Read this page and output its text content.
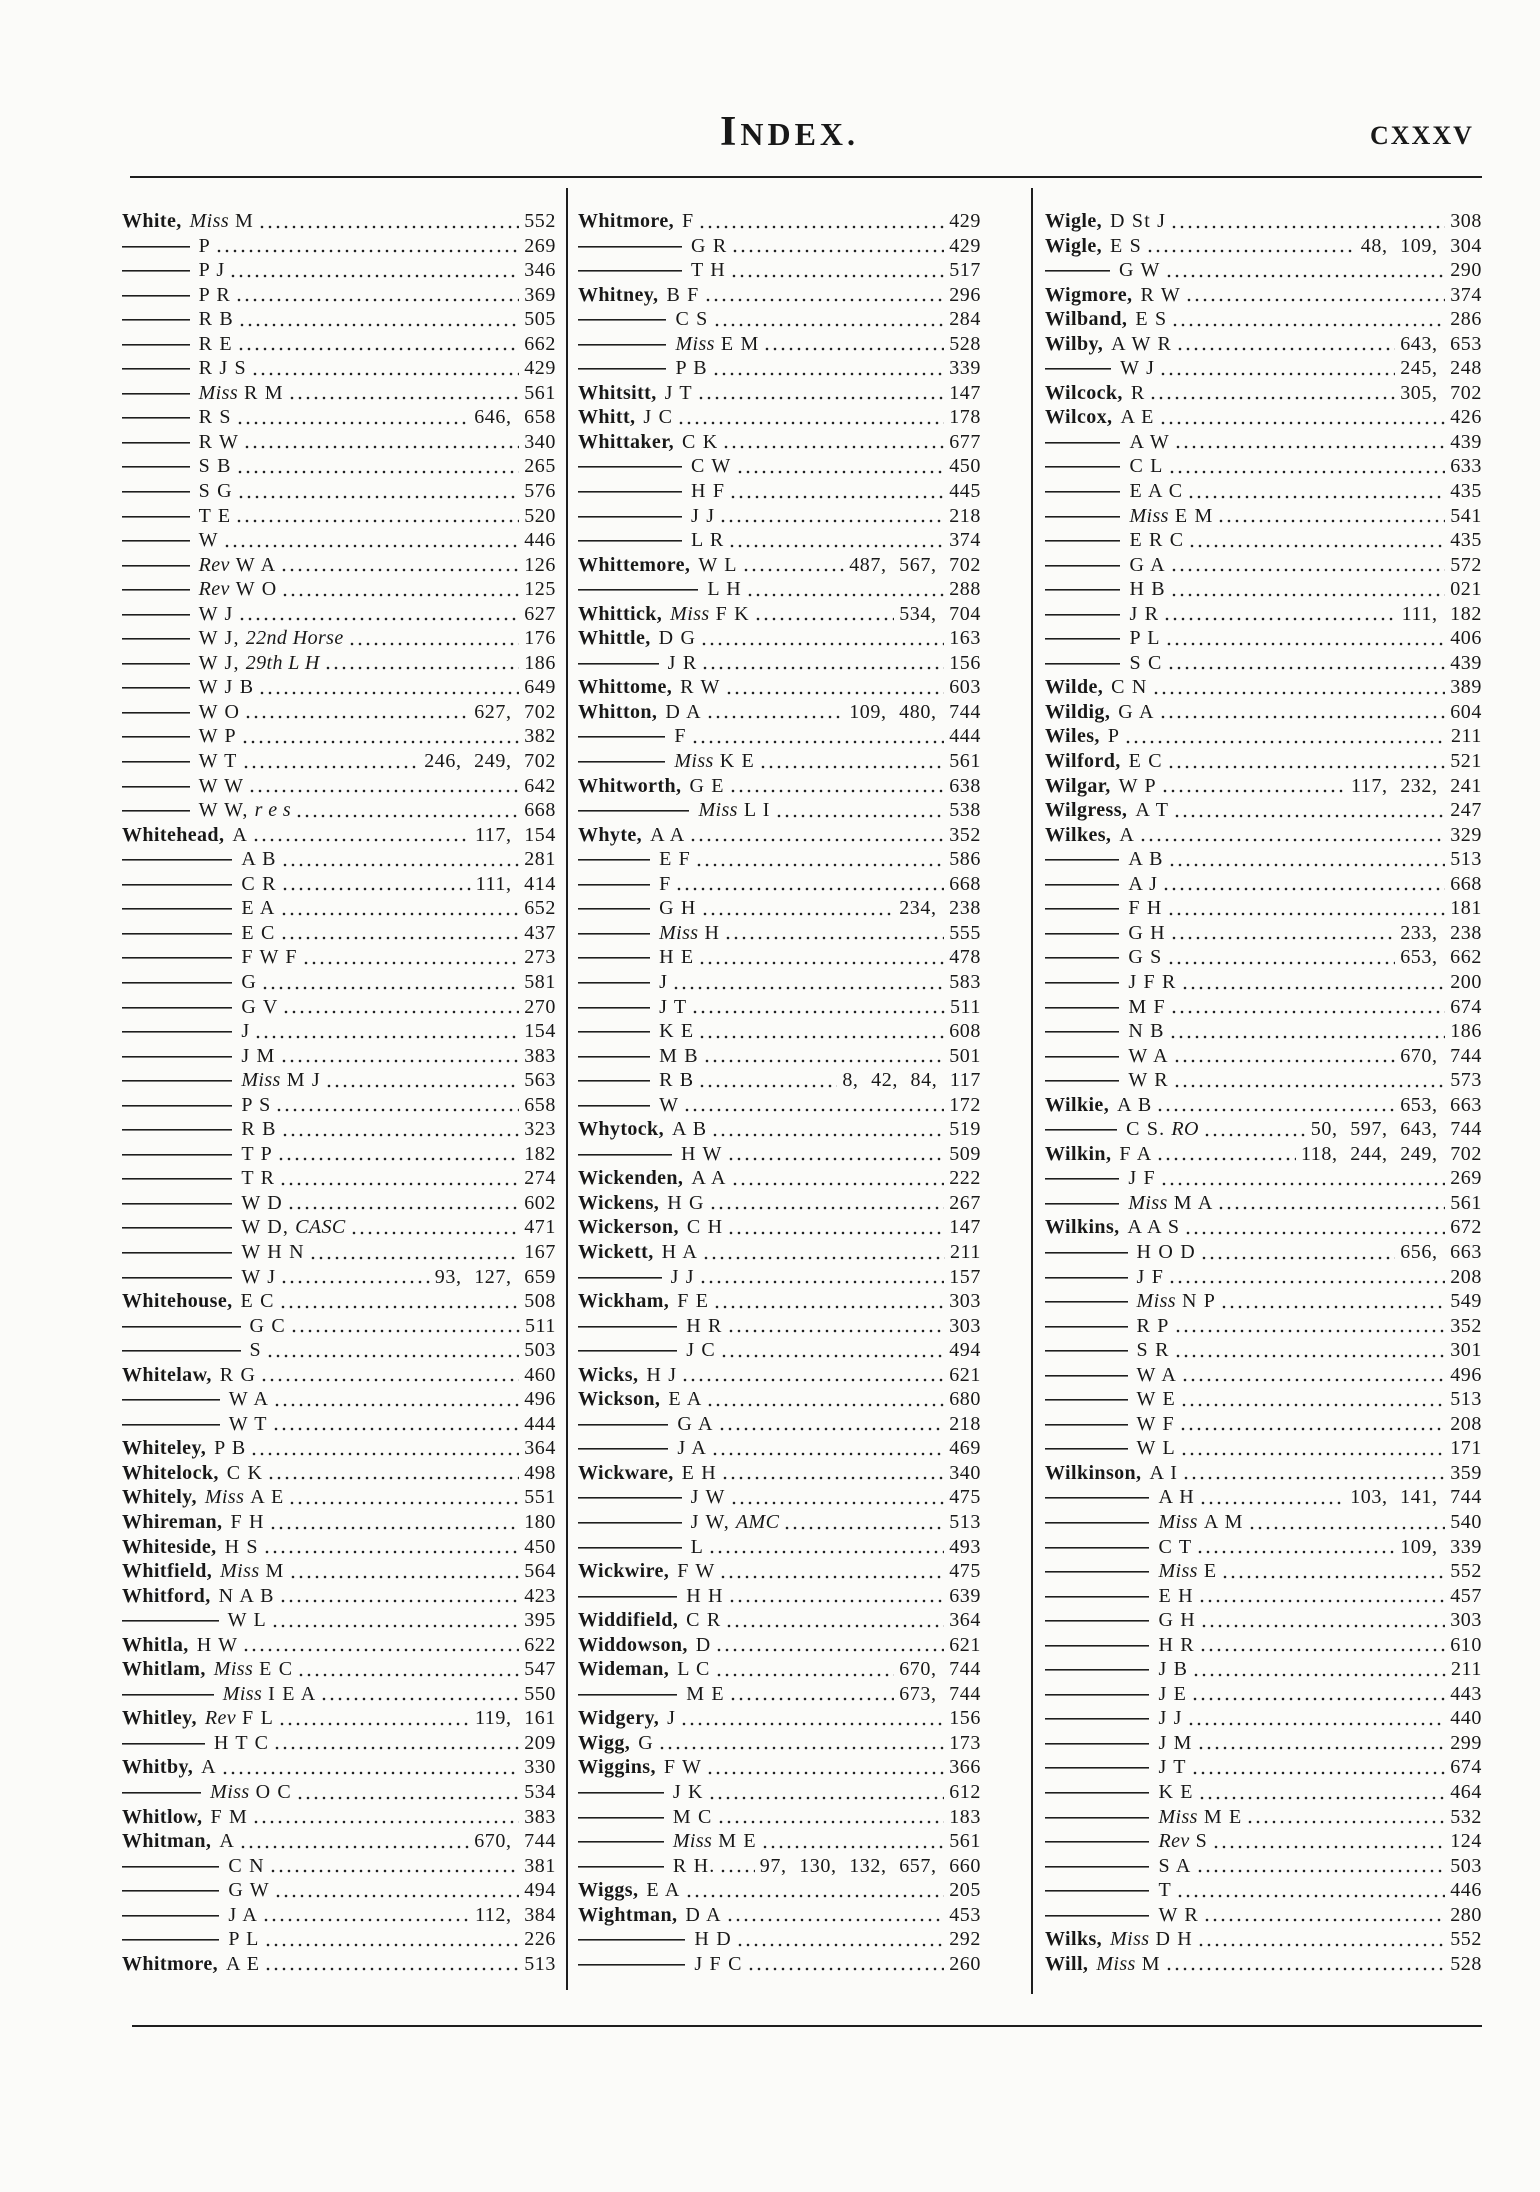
INDEX.	CXXXV
White, Miss M	552
P	269
P J	346
P R	369
R B	505
R E	662
R J S	429
Miss R M	561
R S	646, 658
R W	340
S B	265
S G	576
T E	520
W	446
Rev W A	126
Rev W O	125
W J	627
W J, 22nd Horse	176
W J, 29th L H	186
W J B	649
W O	627, 702
W P	382
W T	246, 249, 702
W W	642
W W, r e s	668
Whitehead, A	117, 154
A B	281
C R	111, 414
E A	652
E C	437
F W F	273
G	581
G V	270
J	154
J M	383
Miss M J	563
P S	658
R B	323
T P	182
T R	274
W D	602
W D, CASC	471
W H N	167
W J	93, 127, 659
Whitehouse, E C	508
G C	511
S	503
Whitelaw, R G	460
W A	496
W T	444
Whiteley, P B	364
Whitelock, C K	498
Whitely, Miss A E	551
Whireman, F H	180
Whiteside, H S	450
Whitfield, Miss M	564
Whitford, N A B	423
W L	395
Whitla, H W	622
Whitlam, Miss E C	547
Miss I E A	550
Whitley, Rev F L	119, 161
H T C	209
Whitby, A	330
Miss O C	534
Whitlow, F M	383
Whitman, A	670, 744
C N	381
G W	494
J A	112, 384
P L	226
Whitmore, A E	513
Whitmore, F	429
G R	429
T H	517
Whitney, B F	296
C S	284
Miss E M	528
P B	339
Whitsitt, J T	147
Whitt, J C	178
Whittaker, C K	677
C W	450
H F	445
J J	218
L R	374
Whittemore, W L	487, 567, 702
L H	288
Whittick, Miss F K	534, 704
Whittle, D G	163
J R	156
Whittome, R W	603
Whitton, D A	109, 480, 744
F	444
Miss K E	561
Whitworth, G E	638
Miss L I	538
Whyte, A A	352
E F	586
F	668
G H	234, 238
Miss H	555
H E	478
J	583
J T	511
K E	608
M B	501
R B	8, 42, 84, 117
W	172
Whytock, A B	519
H W	509
Wickenden, A A	222
Wickens, H G	267
Wickerson, C H	147
Wickett, H A	211
J J	157
Wickham, F E	303
H R	303
J C	494
Wicks, H J	621
Wickson, E A	680
G A	218
J A	469
Wickware, E H	340
J W	475
J W, AMC	513
L	493
Wickwire, F W	475
H H	639
Widdifield, C R	364
Widdowson, D	621
Wideman, L C	670, 744
M E	673, 744
Widgery, J	156
Wigg, G	173
Wiggins, F W	366
J K	612
M C	183
Miss M E	561
R H. 97, 130, 132, 657, 660
Wiggs, E A	205
Wightman, D A	453
H D	292
J F C	260
Wigle, D St J	308
Wigle, E S	48, 109, 304
G W	290
Wigmore, R W	374
Wilband, E S	286
Wilby, A W R	643, 653
W J	245, 248
Wilcock, R	305, 702
Wilcox, A E	426
A W	439
C L	633
E A C	435
Miss E M	541
E R C	435
G A	572
H B	021
J R	111, 182
P L	406
S C	439
Wilde, C N	389
Wildig, G A	604
Wiles, P	211
Wilford, E C	521
Wilgar, W P	117, 232, 241
Wilgress, A T	247
Wilkes, A	329
A B	513
A J	668
F H	181
G H	233, 238
G S	653, 662
J F R	200
M F	674
N B	186
W A	670, 744
W R	573
Wilkie, A B	653, 663
C S. RO	50, 597, 643, 744
Wilkin, F A	118, 244, 249, 702
J F	269
Miss M A	561
Wilkins, A A S	672
H O D	656, 663
J F	208
Miss N P	549
R P	352
S R	301
W A	496
W E	513
W F	208
W L	171
Wilkinson, A I	359
A H	103, 141, 744
Miss A M	540
C T	109, 339
Miss E	552
E H	457
G H	303
H R	610
J B	211
J E	443
J J	440
J M	299
J T	674
K E	464
Miss M E	532
Rev S	124
S A	503
T	446
W R	280
Wilks, Miss D H	552
Will, Miss M	528
